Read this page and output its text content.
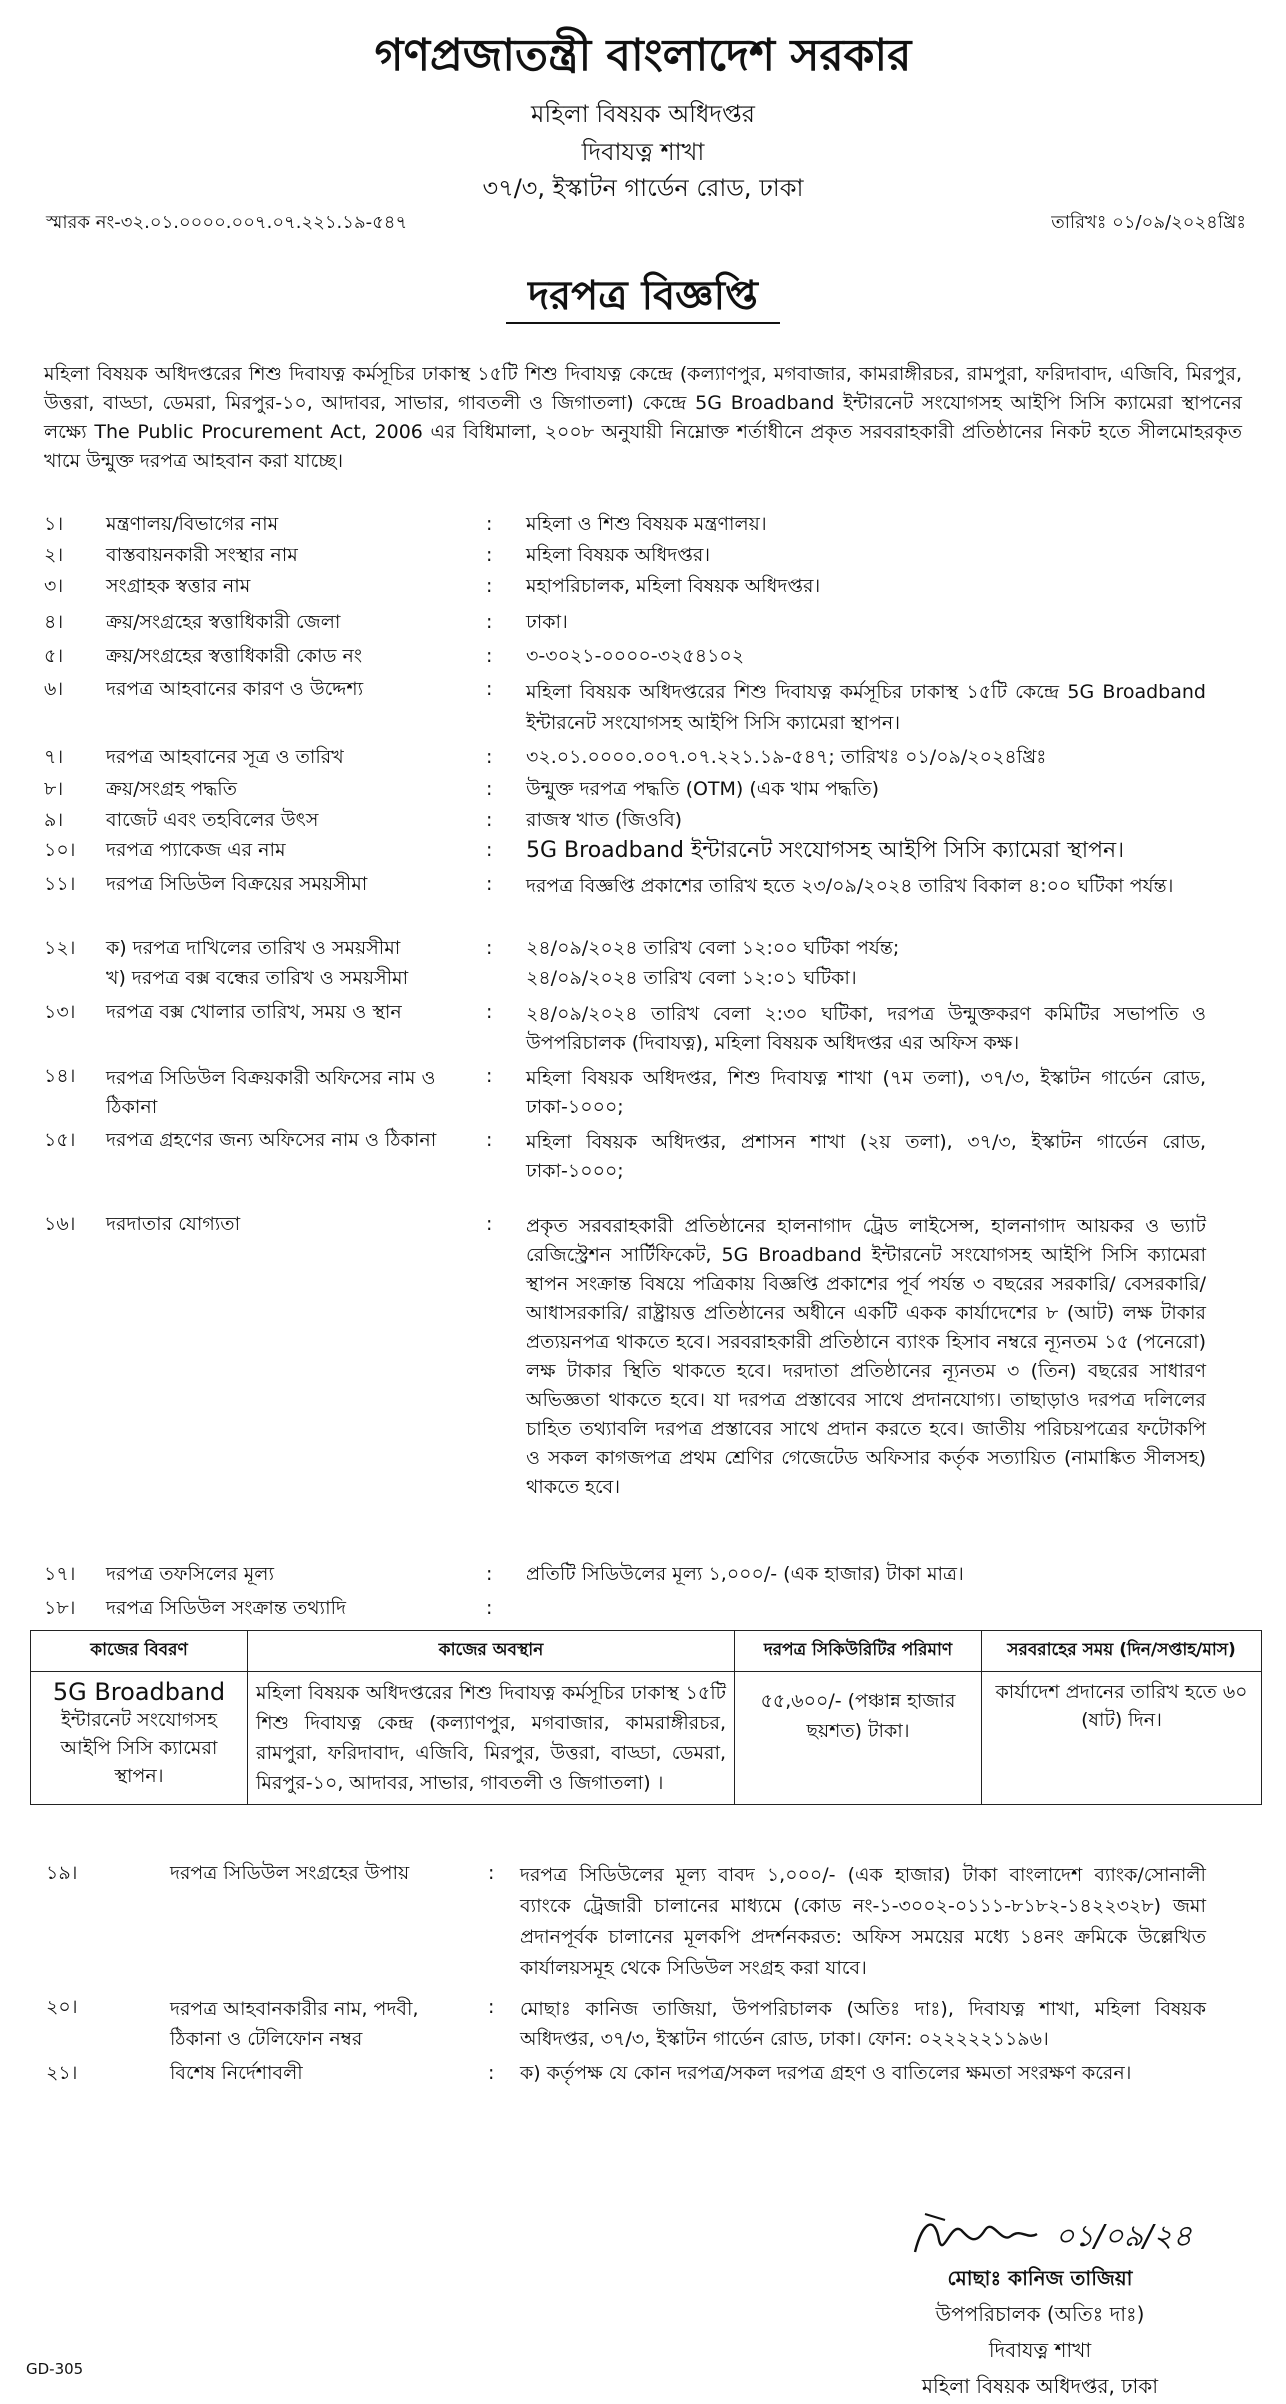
গণপ্রজাতন্ত্রী বাংলাদেশ সরকার
মহিলা বিষয়ক অধিদপ্তর
দিবাযত্ন শাখা
৩৭/৩, ইস্কাটন গার্ডেন রোড, ঢাকা
স্মারক নং-৩২.০১.০০০০.০০৭.০৭.২২১.১৯-৫৪৭	তারিখঃ ০১/০৯/২০২৪খ্রিঃ
দরপত্র বিজ্ঞপ্তি
মহিলা বিষয়ক অধিদপ্তরের শিশু দিবাযত্ন কর্মসূচির ঢাকাস্থ ১৫টি শিশু দিবাযত্ন কেন্দ্রে (কল্যাণপুর, মগবাজার, কামরাঙ্গীরচর, রামপুরা, ফরিদাবাদ, এজিবি, মিরপুর, উত্তরা, বাড্ডা, ডেমরা, মিরপুর-১০, আদাবর, সাভার, গাবতলী ও জিগাতলা) কেন্দ্রে 5G Broadband ইন্টারনেট সংযোগসহ আইপি সিসি ক্যামেরা স্থাপনের লক্ষ্যে The Public Procurement Act, 2006 এর বিধিমালা, ২০০৮ অনুযায়ী নিম্নোক্ত শর্তাধীনে প্রকৃত সরবরাহকারী প্রতিষ্ঠানের নিকট হতে সীলমোহরকৃত খামে উন্মুক্ত দরপত্র আহবান করা যাচ্ছে।
১। মন্ত্রণালয়/বিভাগের নাম	: মহিলা ও শিশু বিষয়ক মন্ত্রণালয়।
২। বাস্তবায়নকারী সংস্থার নাম	: মহিলা বিষয়ক অধিদপ্তর।
৩। সংগ্রাহক স্বত্তার নাম	: মহাপরিচালক, মহিলা বিষয়ক অধিদপ্তর।
৪। ক্রয়/সংগ্রহের স্বত্তাধিকারী জেলা	: ঢাকা।
৫। ক্রয়/সংগ্রহের স্বত্তাধিকারী কোড নং	: ৩-৩০২১-০০০০-৩২৫৪১০২
৬। দরপত্র আহবানের কারণ ও উদ্দেশ্য	: মহিলা বিষয়ক অধিদপ্তরের শিশু দিবাযত্ন কর্মসূচির ঢাকাস্থ ১৫টি কেন্দ্রে 5G Broadband ইন্টারনেট সংযোগসহ আইপি সিসি ক্যামেরা স্থাপন।
৭। দরপত্র আহবানের সূত্র ও তারিখ	: ৩২.০১.০০০০.০০৭.০৭.২২১.১৯-৫৪৭; তারিখঃ ০১/০৯/২০২৪খ্রিঃ
৮। ক্রয়/সংগ্রহ পদ্ধতি	: উন্মুক্ত দরপত্র পদ্ধতি (OTM) (এক খাম পদ্ধতি)
৯। বাজেট এবং তহবিলের উৎস	: রাজস্ব খাত (জিওবি)
১০। দরপত্র প্যাকেজ এর নাম	: 5G Broadband ইন্টারনেট সংযোগসহ আইপি সিসি ক্যামেরা স্থাপন।
১১। দরপত্র সিডিউল বিক্রয়ের সময়সীমা	: দরপত্র বিজ্ঞপ্তি প্রকাশের তারিখ হতে ২৩/০৯/২০২৪ তারিখ বিকাল ৪:০০ ঘটিকা পর্যন্ত।
১২। ক) দরপত্র দাখিলের তারিখ ও সময়সীমা	: ২৪/০৯/২০২৪ তারিখ বেলা ১২:০০ ঘটিকা পর্যন্ত;
খ) দরপত্র বক্স বন্ধের তারিখ ও সময়সীমা	২৪/০৯/২০২৪ তারিখ বেলা ১২:০১ ঘটিকা।
১৩। দরপত্র বক্স খোলার তারিখ, সময় ও স্থান	: ২৪/০৯/২০২৪ তারিখ বেলা ২:৩০ ঘটিকা, দরপত্র উন্মুক্তকরণ কমিটির সভাপতি ও উপপরিচালক (দিবাযত্ন), মহিলা বিষয়ক অধিদপ্তর এর অফিস কক্ষ।
১৪। দরপত্র সিডিউল বিক্রয়কারী অফিসের নাম ও ঠিকানা
: মহিলা বিষয়ক অধিদপ্তর, শিশু দিবাযত্ন শাখা (৭ম তলা), ৩৭/৩, ইস্কাটন গার্ডেন রোড, ঢাকা-১০০০;
১৫। দরপত্র গ্রহণের জন্য অফিসের নাম ও ঠিকানা	: মহিলা বিষয়ক অধিদপ্তর, প্রশাসন শাখা (২য় তলা), ৩৭/৩, ইস্কাটন গার্ডেন রোড, ঢাকা-১০০০;
১৬। দরদাতার যোগ্যতা	: প্রকৃত সরবরাহকারী প্রতিষ্ঠানের হালনাগাদ ট্রেড লাইসেন্স, হালনাগাদ আয়কর ও ভ্যাট রেজিস্ট্রেশন সার্টিফিকেট, 5G Broadband ইন্টারনেট সংযোগসহ আইপি সিসি ক্যামেরা স্থাপন সংক্রান্ত বিষয়ে পত্রিকায় বিজ্ঞপ্তি প্রকাশের পূর্ব পর্যন্ত ৩ বছরের সরকারি/ বেসরকারি/ আধাসরকারি/ রাষ্ট্রায়ত্ত প্রতিষ্ঠানের অধীনে একটি একক কার্যাদেশের ৮ (আট) লক্ষ টাকার প্রত্যয়নপত্র থাকতে হবে। সরবরাহকারী প্রতিষ্ঠানে ব্যাংক হিসাব নম্বরে ন্যূনতম ১৫ (পনেরো) লক্ষ টাকার স্থিতি থাকতে হবে। দরদাতা প্রতিষ্ঠানের ন্যূনতম ৩ (তিন) বছরের সাধারণ অভিজ্ঞতা থাকতে হবে। যা দরপত্র প্রস্তাবের সাথে প্রদানযোগ্য। তাছাড়াও দরপত্র দলিলের চাহিত তথ্যাবলি দরপত্র প্রস্তাবের সাথে প্রদান করতে হবে। জাতীয় পরিচয়পত্রের ফটোকপি ও সকল কাগজপত্র প্রথম শ্রেণির গেজেটেড অফিসার কর্তৃক সত্যায়িত (নামাঙ্কিত সীলসহ) থাকতে হবে।
১৭। দরপত্র তফসিলের মূল্য	: প্রতিটি সিডিউলের মূল্য ১,০০০/- (এক হাজার) টাকা মাত্র।
১৮। দরপত্র সিডিউল সংক্রান্ত তথ্যাদি	:
কাজের বিবরণ	কাজের অবস্থান	দরপত্র সিকিউরিটির পরিমাণ	সরবরাহের সময় (দিন/সপ্তাহ/মাস)

5G Broadband
ইন্টারনেট সংযোগসহ আইপি সিসি ক্যামেরা স্থাপন।	মহিলা বিষয়ক অধিদপ্তরের শিশু দিবাযত্ন কর্মসূচির ঢাকাস্থ ১৫টি শিশু দিবাযত্ন কেন্দ্র (কল্যাণপুর, মগবাজার, কামরাঙ্গীরচর, রামপুরা, ফরিদাবাদ, এজিবি, মিরপুর, উত্তরা, বাড্ডা, ডেমরা, মিরপুর-১০, আদাবর, সাভার, গাবতলী ও জিগাতলা) ।	৫৫,৬০০/- (পঞ্চান্ন হাজার ছয়শত) টাকা।	কার্যাদেশ প্রদানের তারিখ হতে ৬০ (ষাট) দিন।
১৯।	দরপত্র সিডিউল সংগ্রহের উপায়	: দরপত্র সিডিউলের মূল্য বাবদ ১,০০০/- (এক হাজার) টাকা বাংলাদেশ ব্যাংক/সোনালী ব্যাংকে ট্রেজারী চালানের মাধ্যমে (কোড নং-১-৩০০২-০১১১-৮১৮২-১৪২২৩২৮) জমা প্রদানপূর্বক চালানের মূলকপি প্রদর্শনকরত: অফিস সময়ের মধ্যে ১৪নং ক্রমিকে উল্লেখিত কার্যালয়সমূহ থেকে সিডিউল সংগ্রহ করা যাবে।
২০।	দরপত্র আহবানকারীর নাম, পদবী, ঠিকানা ও টেলিফোন নম্বর
: মোছাঃ কানিজ তাজিয়া, উপপরিচালক (অতিঃ দাঃ), দিবাযত্ন শাখা, মহিলা বিষয়ক অধিদপ্তর, ৩৭/৩, ইস্কাটন গার্ডেন রোড, ঢাকা। ফোন: ০২২২২২১১৯৬।
২১।	বিশেষ নির্দেশাবলী	: ক) কর্তৃপক্ষ যে কোন দরপত্র/সকল দরপত্র গ্রহণ ও বাতিলের ক্ষমতা সংরক্ষণ করেন।
০১/০৯/২৪
মোছাঃ কানিজ তাজিয়া
উপপরিচালক (অতিঃ দাঃ)
দিবাযত্ন শাখা
মহিলা বিষয়ক অধিদপ্তর, ঢাকা
GD-305
